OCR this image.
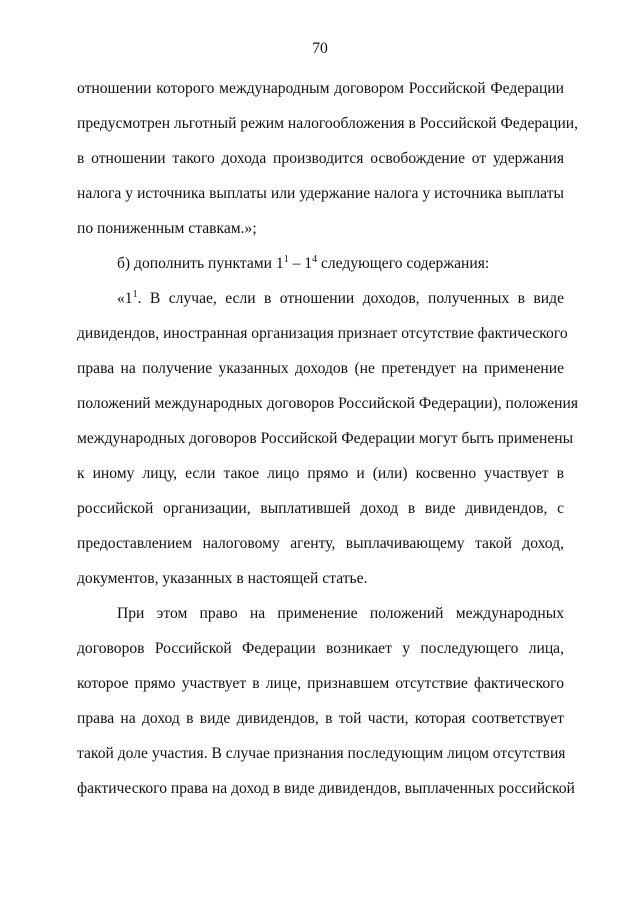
70
отношении которого международным договором Российской Федерации
предусмотрен льготный режим налогообложения в Российской Федерации,
в отношении такого дохода производится освобождение от удержания
налога у источника выплаты или удержание налога у источника выплаты
по пониженным ставкам.»;
б) дополнить пунктами $1^1 - 1^4$ следующего содержания:
«$1^1$ . В случае, если в отношении доходов, полученных в виде
дивидендов, иностранная организация признает отсутствие фактического
права на получение указанных доходов (не претендует на применение
положений международных договоров Российской Федерации), положения
международных договоров Российской Федерации могут быть применены
к иному лицу, если такое лицо прямо и (или) косвенно участвует в
российской организации, выплатившей доход в виде дивидендов, с
предоставлением налоговому агенту, выплачивающему такой доход,
документов, указанных в настоящей статье.
При этом право на применение положений международных
договоров Российской Федерации возникает у последующего лица,
которое прямо участвует в лице, признавшем отсутствие фактического
права на доход в виде дивидендов, в той части, которая соответствует
такой доле участия. В случае признания последующим лицом отсутствия
фактического права на доход в виде дивидендов, выплаченных российской
